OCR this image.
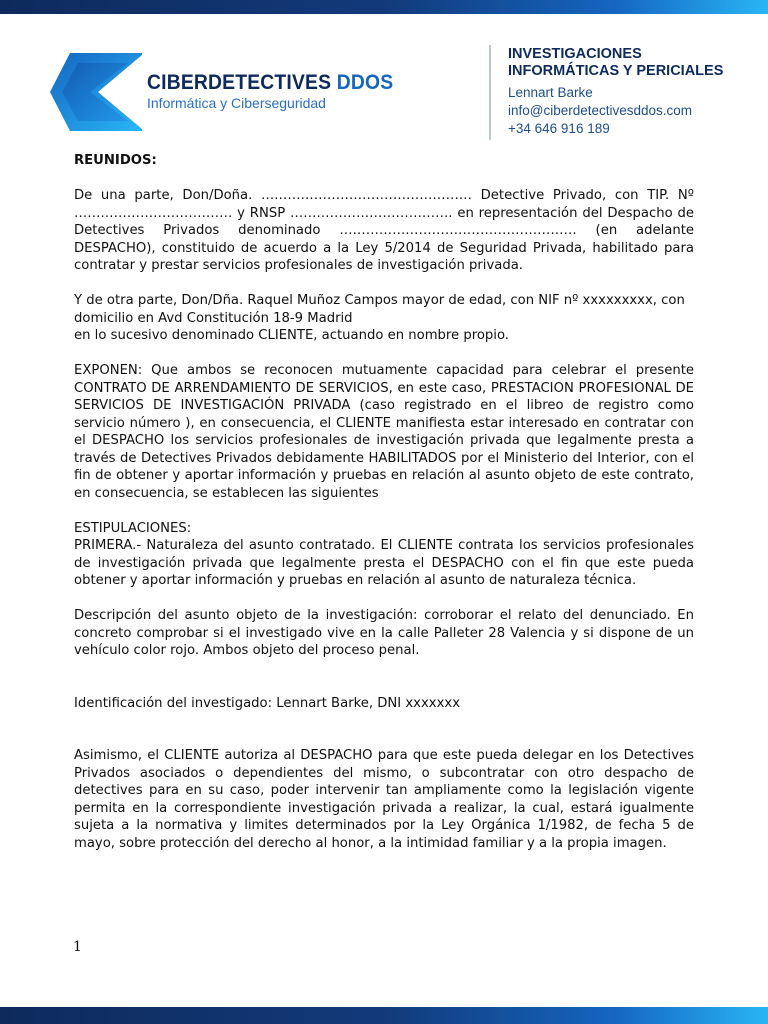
CIBERDETECTIVES DDOS
Informática y Ciberseguridad
INVESTIGACIONES
INFORMÁTICAS Y PERICIALES
Lennart Barke
info@ciberdetectivesddos.com
+34 646 916 189

REUNIDOS:

De una parte, Don/Doña. ………………………………………… Detective Privado, con TIP. Nº ……………………………… y RNSP ………………………………. en representación del Despacho de Detectives Privados denominado ……………………………………………… (en adelante DESPACHO), constituido de acuerdo a la Ley 5/2014 de Seguridad Privada, habilitado para contratar y prestar servicios profesionales de investigación privada.

Y de otra parte, Don/Dña. Raquel Muñoz Campos mayor de edad, con NIF nº xxxxxxxxx, con domicilio en Avd Constitución 18-9 Madrid

en lo sucesivo denominado CLIENTE, actuando en nombre propio.

EXPONEN: Que ambos se reconocen mutuamente capacidad para celebrar el presente CONTRATO DE ARRENDAMIENTO DE SERVICIOS, en este caso, PRESTACION PROFESIONAL DE SERVICIOS DE INVESTIGACIÓN PRIVADA (caso registrado en el libreo de registro como servicio número ), en consecuencia, el CLIENTE manifiesta estar interesado en contratar con el DESPACHO los servicios profesionales de investigación privada que legalmente presta a través de Detectives Privados debidamente HABILITADOS por el Ministerio del Interior, con el fin de obtener y aportar información y pruebas en relación al asunto objeto de este contrato, en consecuencia, se establecen las siguientes

ESTIPULACIONES:

PRIMERA.- Naturaleza del asunto contratado. El CLIENTE contrata los servicios profesionales de investigación privada que legalmente presta el DESPACHO con el fin que este pueda obtener y aportar información y pruebas en relación al asunto de naturaleza técnica.

Descripción del asunto objeto de la investigación: corroborar el relato del denunciado. En concreto comprobar si el investigado vive en la calle Palleter 28 Valencia y si dispone de un vehículo color rojo. Ambos objeto del proceso penal.

Identificación del investigado: Lennart Barke, DNI xxxxxxx

Asimismo, el CLIENTE autoriza al DESPACHO para que este pueda delegar en los Detectives Privados asociados o dependientes del mismo, o subcontratar con otro despacho de detectives para en su caso, poder intervenir tan ampliamente como la legislación vigente permita en la correspondiente investigación privada a realizar, la cual, estará igualmente sujeta a la normativa y limites determinados por la Ley Orgánica 1/1982, de fecha 5 de mayo, sobre protección del derecho al honor, a la intimidad familiar y a la propia imagen.

1
